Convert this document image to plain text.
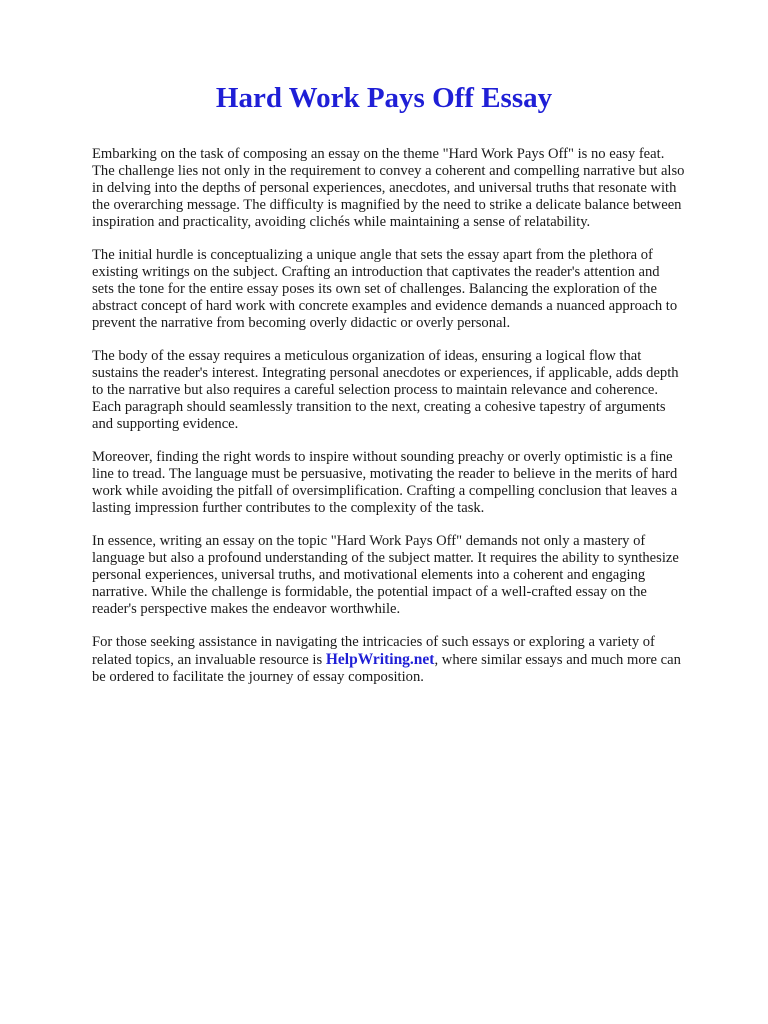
Hard Work Pays Off Essay

Embarking on the task of composing an essay on the theme "Hard Work Pays Off" is no easy feat.
The challenge lies not only in the requirement to convey a coherent and compelling narrative but also
in delving into the depths of personal experiences, anecdotes, and universal truths that resonate with
the overarching message. The difficulty is magnified by the need to strike a delicate balance between
inspiration and practicality, avoiding clichés while maintaining a sense of relatability.

The initial hurdle is conceptualizing a unique angle that sets the essay apart from the plethora of
existing writings on the subject. Crafting an introduction that captivates the reader's attention and
sets the tone for the entire essay poses its own set of challenges. Balancing the exploration of the
abstract concept of hard work with concrete examples and evidence demands a nuanced approach to
prevent the narrative from becoming overly didactic or overly personal.

The body of the essay requires a meticulous organization of ideas, ensuring a logical flow that
sustains the reader's interest. Integrating personal anecdotes or experiences, if applicable, adds depth
to the narrative but also requires a careful selection process to maintain relevance and coherence.
Each paragraph should seamlessly transition to the next, creating a cohesive tapestry of arguments
and supporting evidence.

Moreover, finding the right words to inspire without sounding preachy or overly optimistic is a fine
line to tread. The language must be persuasive, motivating the reader to believe in the merits of hard
work while avoiding the pitfall of oversimplification. Crafting a compelling conclusion that leaves a
lasting impression further contributes to the complexity of the task.

In essence, writing an essay on the topic "Hard Work Pays Off" demands not only a mastery of
language but also a profound understanding of the subject matter. It requires the ability to synthesize
personal experiences, universal truths, and motivational elements into a coherent and engaging
narrative. While the challenge is formidable, the potential impact of a well-crafted essay on the
reader's perspective makes the endeavor worthwhile.

For those seeking assistance in navigating the intricacies of such essays or exploring a variety of
related topics, an invaluable resource is HelpWriting.net, where similar essays and much more can
be ordered to facilitate the journey of essay composition.
